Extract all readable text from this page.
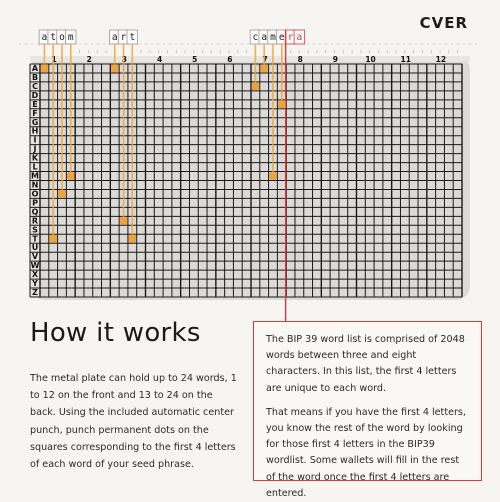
A
B
C
D
E
F
G
H
I
J
K
L
M
N
O
P
Q
R
S
T
U
V
W
X
Y
Z
1	2	3	4	5	6	7	8	9	10	11	12
a t o m	a r t	c a m e r a
CVER
How it works

The metal plate can hold up to 24 words, 1 to 12 on the front and 13 to 24 on the back. Using the included automatic center punch, punch permanent dots on the squares corresponding to the first 4 letters of each word of your seed phrase.

The BIP 39 word list is comprised of 2048 words between three and eight characters. In this list, the first 4 letters are unique to each word.

That means if you have the first 4 letters, you know the rest of the word by looking for those first 4 letters in the BIP39 wordlist. Some wallets will fill in the rest of the word once the first 4 letters are entered.
